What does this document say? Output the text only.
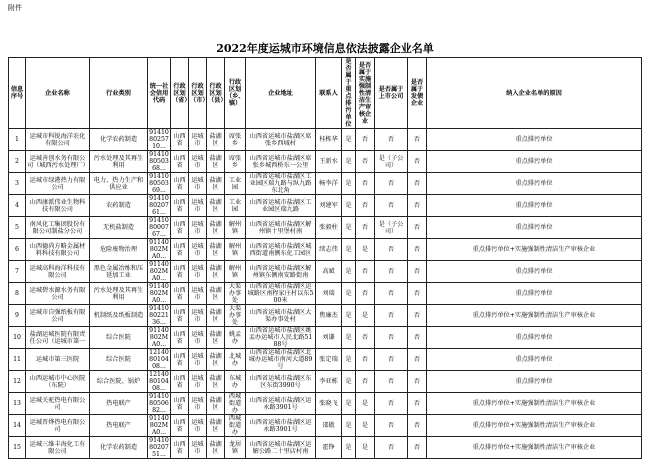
附件
2022年度运城市环境信息依法披露企业名单
信息序号	企业名称	行业类别	统一社会信用代码	行政区划（省）	行政区划（市）	行政区划（县）	行政区划（乡、镇）	企业地址	联系人	是否属于重点排污单位	是否属于实施强制性清洁生产审核企业	是否属于上市公司	是否属于发债企业	纳入企业名单的原因
1	运城市科锐海洋农化有限公司	化学农药制造	914108025710...	山西省	运城市	盐湖区	席张乡	山西省运城市盐湖区席张乡西城村	桂栋华	是	否	否	否	重点排污单位
2	运城善创水务有限公司（城西污水处理厂）	污水处理及其再生利用	914108050368...	山西省	运城市	盐湖区	席张乡	山西省运城市盐湖区席张乡城西桥东一公里	王新水	是	否	是（子公司）	否	重点排污单位
3	运城市绿港热力有限公司	电力、热力生产和供应业	914108050369...	山西省	运城市	盐湖区	工业园	山西省运城市盐湖区工业园区瑞九路与纵九路东北角	畅李洋	是	否	否	否	重点排污单位
4	山西康派伟业生物科技有限公司	农药制造	914108020761...	山西省	运城市	盐湖区	工业园	山西省运城市盐湖区工业园区瑞九路	刘建军	是	否	否	否	重点排污单位
5	南风化工集团股份有限公司制盐分公司	无机盐制造	914108000767...	山西省	运城市	盐湖区	解州镇	山西省运城市盐湖区解州镇十里堡村南	张毅柱	是	否	是（子公司）	否	重点排污单位
6	山西德尚方略金属材料科技有限公司	危险废物治理	91140802MA0...	山西省	运城市	盐湖区	解州镇	山西省运城市盐湖区城西街道南侧东化工园区	续志伟	是	是	否	否	重点排污单位+实施强制性清洁生产审核企业
7	运城高科海洋科技有限公司	黑色金属冶炼和压延加工业	91140802MA0...	山西省	运城市	盐湖区	解州镇	山西省运城市盐湖区解州镇东侧南安路街南	高斌	是	否	否	否	重点排污单位
8	运城碧水源水务有限公司	污水处理及其再生利用	91140802MA0...	山西省	运城市	盐湖区	大渠办事处	山西省运城市盐湖区运城路区南程家庄村以东500米	刘瑞	是	否	否	否	重点排污单位
9	运城市自强纸板有限公司	机制纸及纸板制造	914108022136...	山西省	运城市	盐湖区	大渠办事处	山西省运城市盐湖区大渠办事处村	焦廉杰	是	是	否	否	重点排污单位+实施强制性清洁生产审核企业
10	盐湖运城医院有限责任公司（运城市第一	综合医院	91140802MA0...	山西省	运城市	盐湖区	姚孟办	山西省运城市盐湖区姚孟办运城市人民北路5188号	刘谦	是	否	否	否	重点排污单位
11	运城市第三医院	综合医院	121408010408...	山西省	运城市	盐湖区	北城办	山西省运城市盐湖区北城办运城市南河大道89号	张定瑞	是	否	否	否	重点排污单位
12	山西运城市中心医院（东院）	综合医院、锅炉	121408010408...	山西省	运城市	盐湖区	东城办	山西省运城市盐湖区东区东街3990号	李亚栋	是	否	否	否	重点排污单位
13	运城关驼热电有限公司	热电联产	914108050682...	山西省	运城市	盐湖区	西城街道办	山西省运城市盐湖区运永路3901号	张晓飞	是	是	否	否	重点排污单位+实施强制性清洁生产审核企业
14	运城晋烨热电有限公司	热电联产	91140802MA0...	山西省	运城市	盐湖区	西城街道办	山西省运城市盐湖区运永路3901号	邵傲	是	是	否	否	重点排污单位+实施强制性清洁生产审核企业
15	运城三维丰海化工有限公司	化学农药制造	914108020751...	山西省	运城市	盐湖区	龙居镇	山西省运城市盐湖区运解公路二十里店村南	霍铮	是	是	否	否	重点排污单位+实施强制性清洁生产审核企业
